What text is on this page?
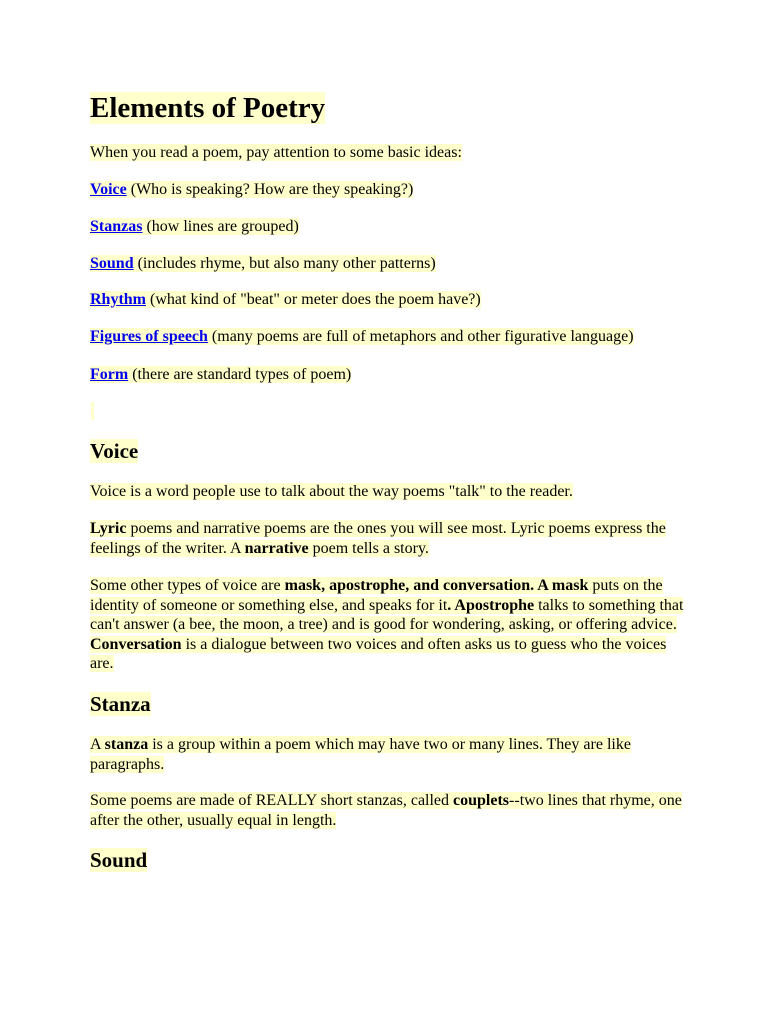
Elements of Poetry
When you read a poem, pay attention to some basic ideas:
Voice (Who is speaking? How are they speaking?)
Stanzas (how lines are grouped)
Sound (includes rhyme, but also many other patterns)
Rhythm (what kind of "beat" or meter does the poem have?)
Figures of speech (many poems are full of metaphors and other figurative language)
Form (there are standard types of poem)
Voice
Voice is a word people use to talk about the way poems "talk" to the reader.
Lyric poems and narrative poems are the ones you will see most. Lyric poems express the feelings of the writer. A narrative poem tells a story.
Some other types of voice are mask, apostrophe, and conversation. A mask puts on the identity of someone or something else, and speaks for it. Apostrophe talks to something that can't answer (a bee, the moon, a tree) and is good for wondering, asking, or offering advice. Conversation is a dialogue between two voices and often asks us to guess who the voices are.
Stanza
A stanza is a group within a poem which may have two or many lines. They are like paragraphs.
Some poems are made of REALLY short stanzas, called couplets--two lines that rhyme, one after the other, usually equal in length.
Sound
